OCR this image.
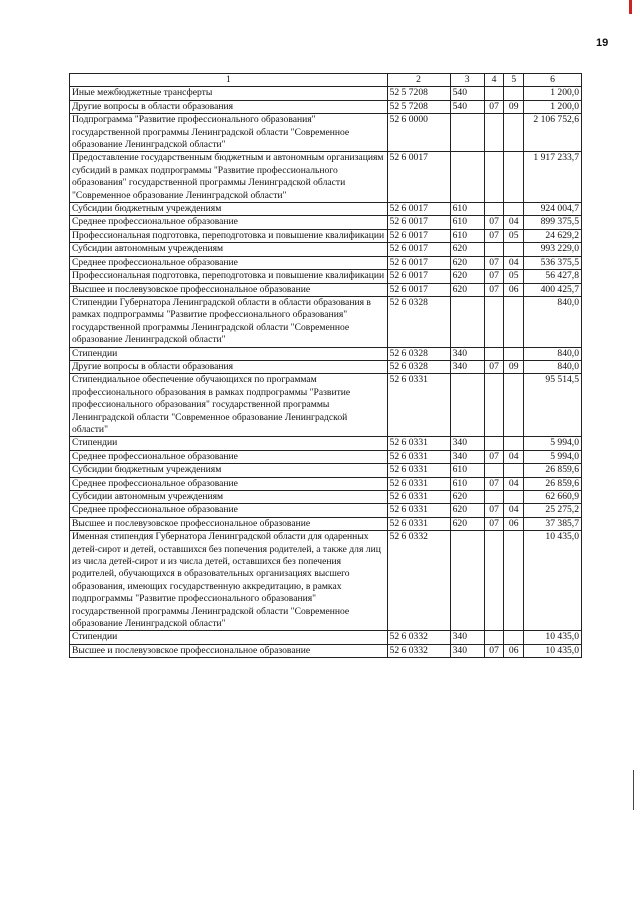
19
1	2	3	4	5	6
Иные межбюджетные трансферты	52 5 7208	540			1 200,0
Другие вопросы в области образования	52 5 7208	540	07	09	1 200,0
Подпрограмма "Развитие профессионального образования" государственной программы Ленинградской области "Современное образование Ленинградской области"	52 6 0000				2 106 752,6
Предоставление государственным бюджетным и автономным организациям субсидий в рамках подпрограммы "Развитие профессионального образования" государственной программы Ленинградской области "Современное образование Ленинградской области"	52 6 0017				1 917 233,7
Субсидии бюджетным учреждениям	52 6 0017	610			924 004,7
Среднее профессиональное образование	52 6 0017	610	07	04	899 375,5
Профессиональная подготовка, переподготовка и повышение квалификации	52 6 0017	610	07	05	24 629,2
Субсидии автономным учреждениям	52 6 0017	620			993 229,0
Среднее профессиональное образование	52 6 0017	620	07	04	536 375,5
Профессиональная подготовка, переподготовка и повышение квалификации	52 6 0017	620	07	05	56 427,8
Высшее и послевузовское профессиональное образование	52 6 0017	620	07	06	400 425,7
Стипендии Губернатора Ленинградской области в области образования в рамках подпрограммы "Развитие профессионального образования" государственной программы Ленинградской области "Современное образование Ленинградской области"	52 6 0328				840,0
Стипендии	52 6 0328	340			840,0
Другие вопросы в области образования	52 6 0328	340	07	09	840,0
Стипендиальное обеспечение обучающихся по программам профессионального образования в рамках подпрограммы "Развитие профессионального образования" государственной программы Ленинградской области "Современное образование Ленинградской области"	52 6 0331				95 514,5
Стипендии	52 6 0331	340			5 994,0
Среднее профессиональное образование	52 6 0331	340	07	04	5 994,0
Субсидии бюджетным учреждениям	52 6 0331	610			26 859,6
Среднее профессиональное образование	52 6 0331	610	07	04	26 859,6
Субсидии автономным учреждениям	52 6 0331	620			62 660,9
Среднее профессиональное образование	52 6 0331	620	07	04	25 275,2
Высшее и послевузовское профессиональное образование	52 6 0331	620	07	06	37 385,7
Именная стипендия Губернатора Ленинградской области для одаренных детей-сирот и детей, оставшихся без попечения родителей, а также для лиц из числа детей-сирот и из числа детей, оставшихся без попечения родителей, обучающихся в образовательных организациях высшего образования, имеющих государственную аккредитацию, в рамках подпрограммы "Развитие профессионального образования" государственной программы Ленинградской области "Современное образование Ленинградской области"	52 6 0332				10 435,0
Стипендии	52 6 0332	340			10 435,0
Высшее и послевузовское профессиональное образование	52 6 0332	340	07	06	10 435,0
